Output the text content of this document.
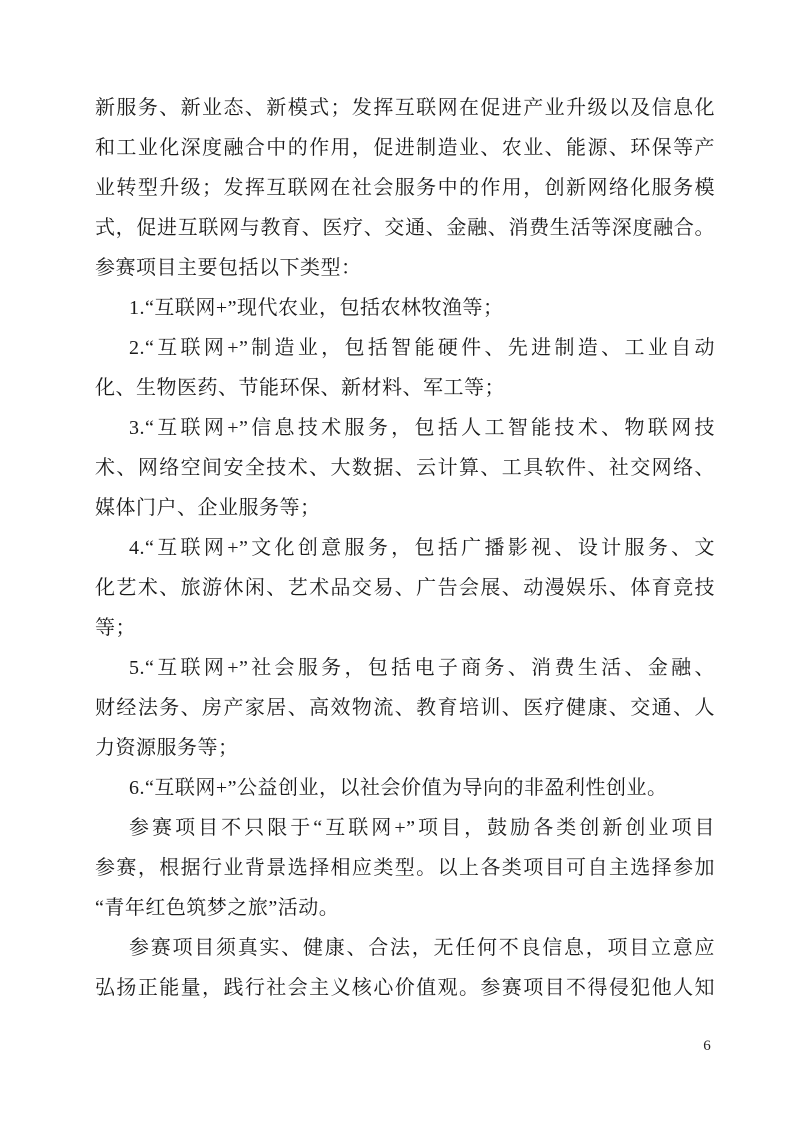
新服务、新业态、新模式；发挥互联网在促进产业升级以及信息化
和工业化深度融合中的作用，促进制造业、农业、能源、环保等产
业转型升级；发挥互联网在社会服务中的作用，创新网络化服务模
式，促进互联网与教育、医疗、交通、金融、消费生活等深度融合。
参赛项目主要包括以下类型：
1.“互联网+”现代农业，包括农林牧渔等；
2.“互联网+”制造业，包括智能硬件、先进制造、工业自动
化、生物医药、节能环保、新材料、军工等；
3.“互联网+”信息技术服务，包括人工智能技术、物联网技
术、网络空间安全技术、大数据、云计算、工具软件、社交网络、
媒体门户、企业服务等；
4.“互联网+”文化创意服务，包括广播影视、设计服务、文
化艺术、旅游休闲、艺术品交易、广告会展、动漫娱乐、体育竞技
等；
5.“互联网+”社会服务，包括电子商务、消费生活、金融、
财经法务、房产家居、高效物流、教育培训、医疗健康、交通、人
力资源服务等；
6.“互联网+”公益创业，以社会价值为导向的非盈利性创业。
参赛项目不只限于“互联网+”项目，鼓励各类创新创业项目
参赛，根据行业背景选择相应类型。以上各类项目可自主选择参加
“青年红色筑梦之旅”活动。
参赛项目须真实、健康、合法，无任何不良信息，项目立意应
弘扬正能量，践行社会主义核心价值观。参赛项目不得侵犯他人知
6
